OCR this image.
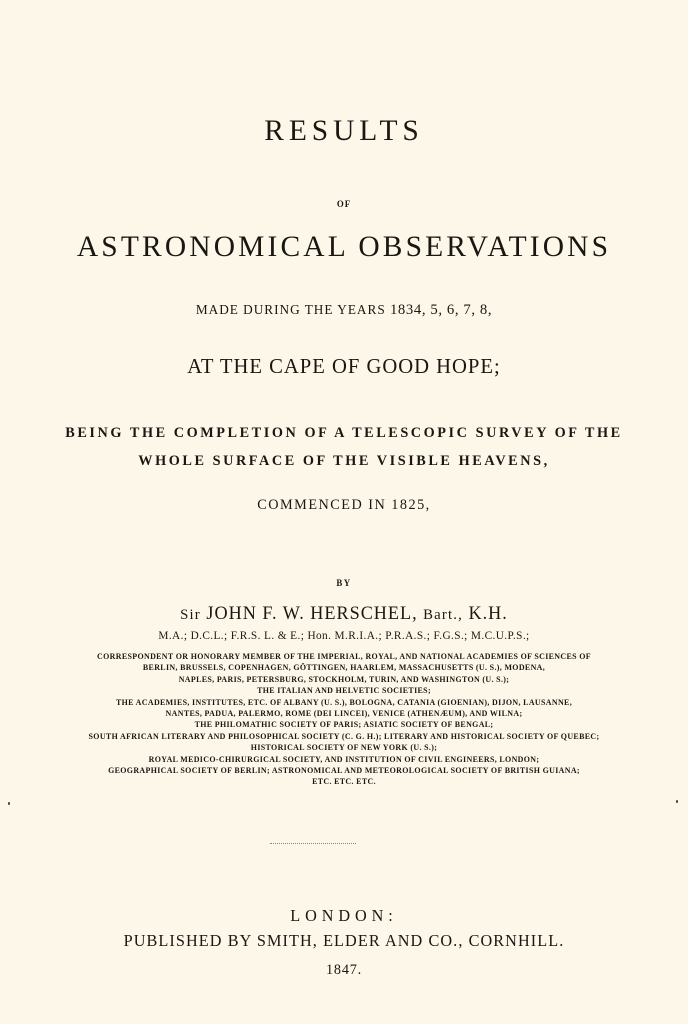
RESULTS
OF
ASTRONOMICAL OBSERVATIONS
MADE DURING THE YEARS 1834, 5, 6, 7, 8,
AT THE CAPE OF GOOD HOPE;
BEING THE COMPLETION OF A TELESCOPIC SURVEY OF THE
WHOLE SURFACE OF THE VISIBLE HEAVENS,
COMMENCED IN 1825,
BY
Sir JOHN F. W. HERSCHEL, Bart., K.H.
M.A.; D.C.L.; F.R.S. L. & E.; Hon. M.R.I.A.; P.R.A.S.; F.G.S.; M.C.U.P.S.;
CORRESPONDENT OR HONORARY MEMBER OF THE IMPERIAL, ROYAL, AND NATIONAL ACADEMIES OF SCIENCES OF
BERLIN, BRUSSELS, COPENHAGEN, GÖTTINGEN, HAARLEM, MASSACHUSETTS (U. S.), MODENA,
NAPLES, PARIS, PETERSBURG, STOCKHOLM, TURIN, AND WASHINGTON (U. S.);
THE ITALIAN AND HELVETIC SOCIETIES;
THE ACADEMIES, INSTITUTES, ETC. OF ALBANY (U. S.), BOLOGNA, CATANIA (GIOENIAN), DIJON, LAUSANNE,
NANTES, PADUA, PALERMO, ROME (DEI LINCEI), VENICE (ATHENÆUM), AND WILNA;
THE PHILOMATHIC SOCIETY OF PARIS; ASIATIC SOCIETY OF BENGAL;
SOUTH AFRICAN LITERARY AND PHILOSOPHICAL SOCIETY (C. G. H.); LITERARY AND HISTORICAL SOCIETY OF QUEBEC;
HISTORICAL SOCIETY OF NEW YORK (U. S.);
ROYAL MEDICO-CHIRURGICAL SOCIETY, AND INSTITUTION OF CIVIL ENGINEERS, LONDON;
GEOGRAPHICAL SOCIETY OF BERLIN; ASTRONOMICAL AND METEOROLOGICAL SOCIETY OF BRITISH GUIANA;
ETC. ETC. ETC.
LONDON:
PUBLISHED BY SMITH, ELDER AND CO., CORNHILL.
1847.
